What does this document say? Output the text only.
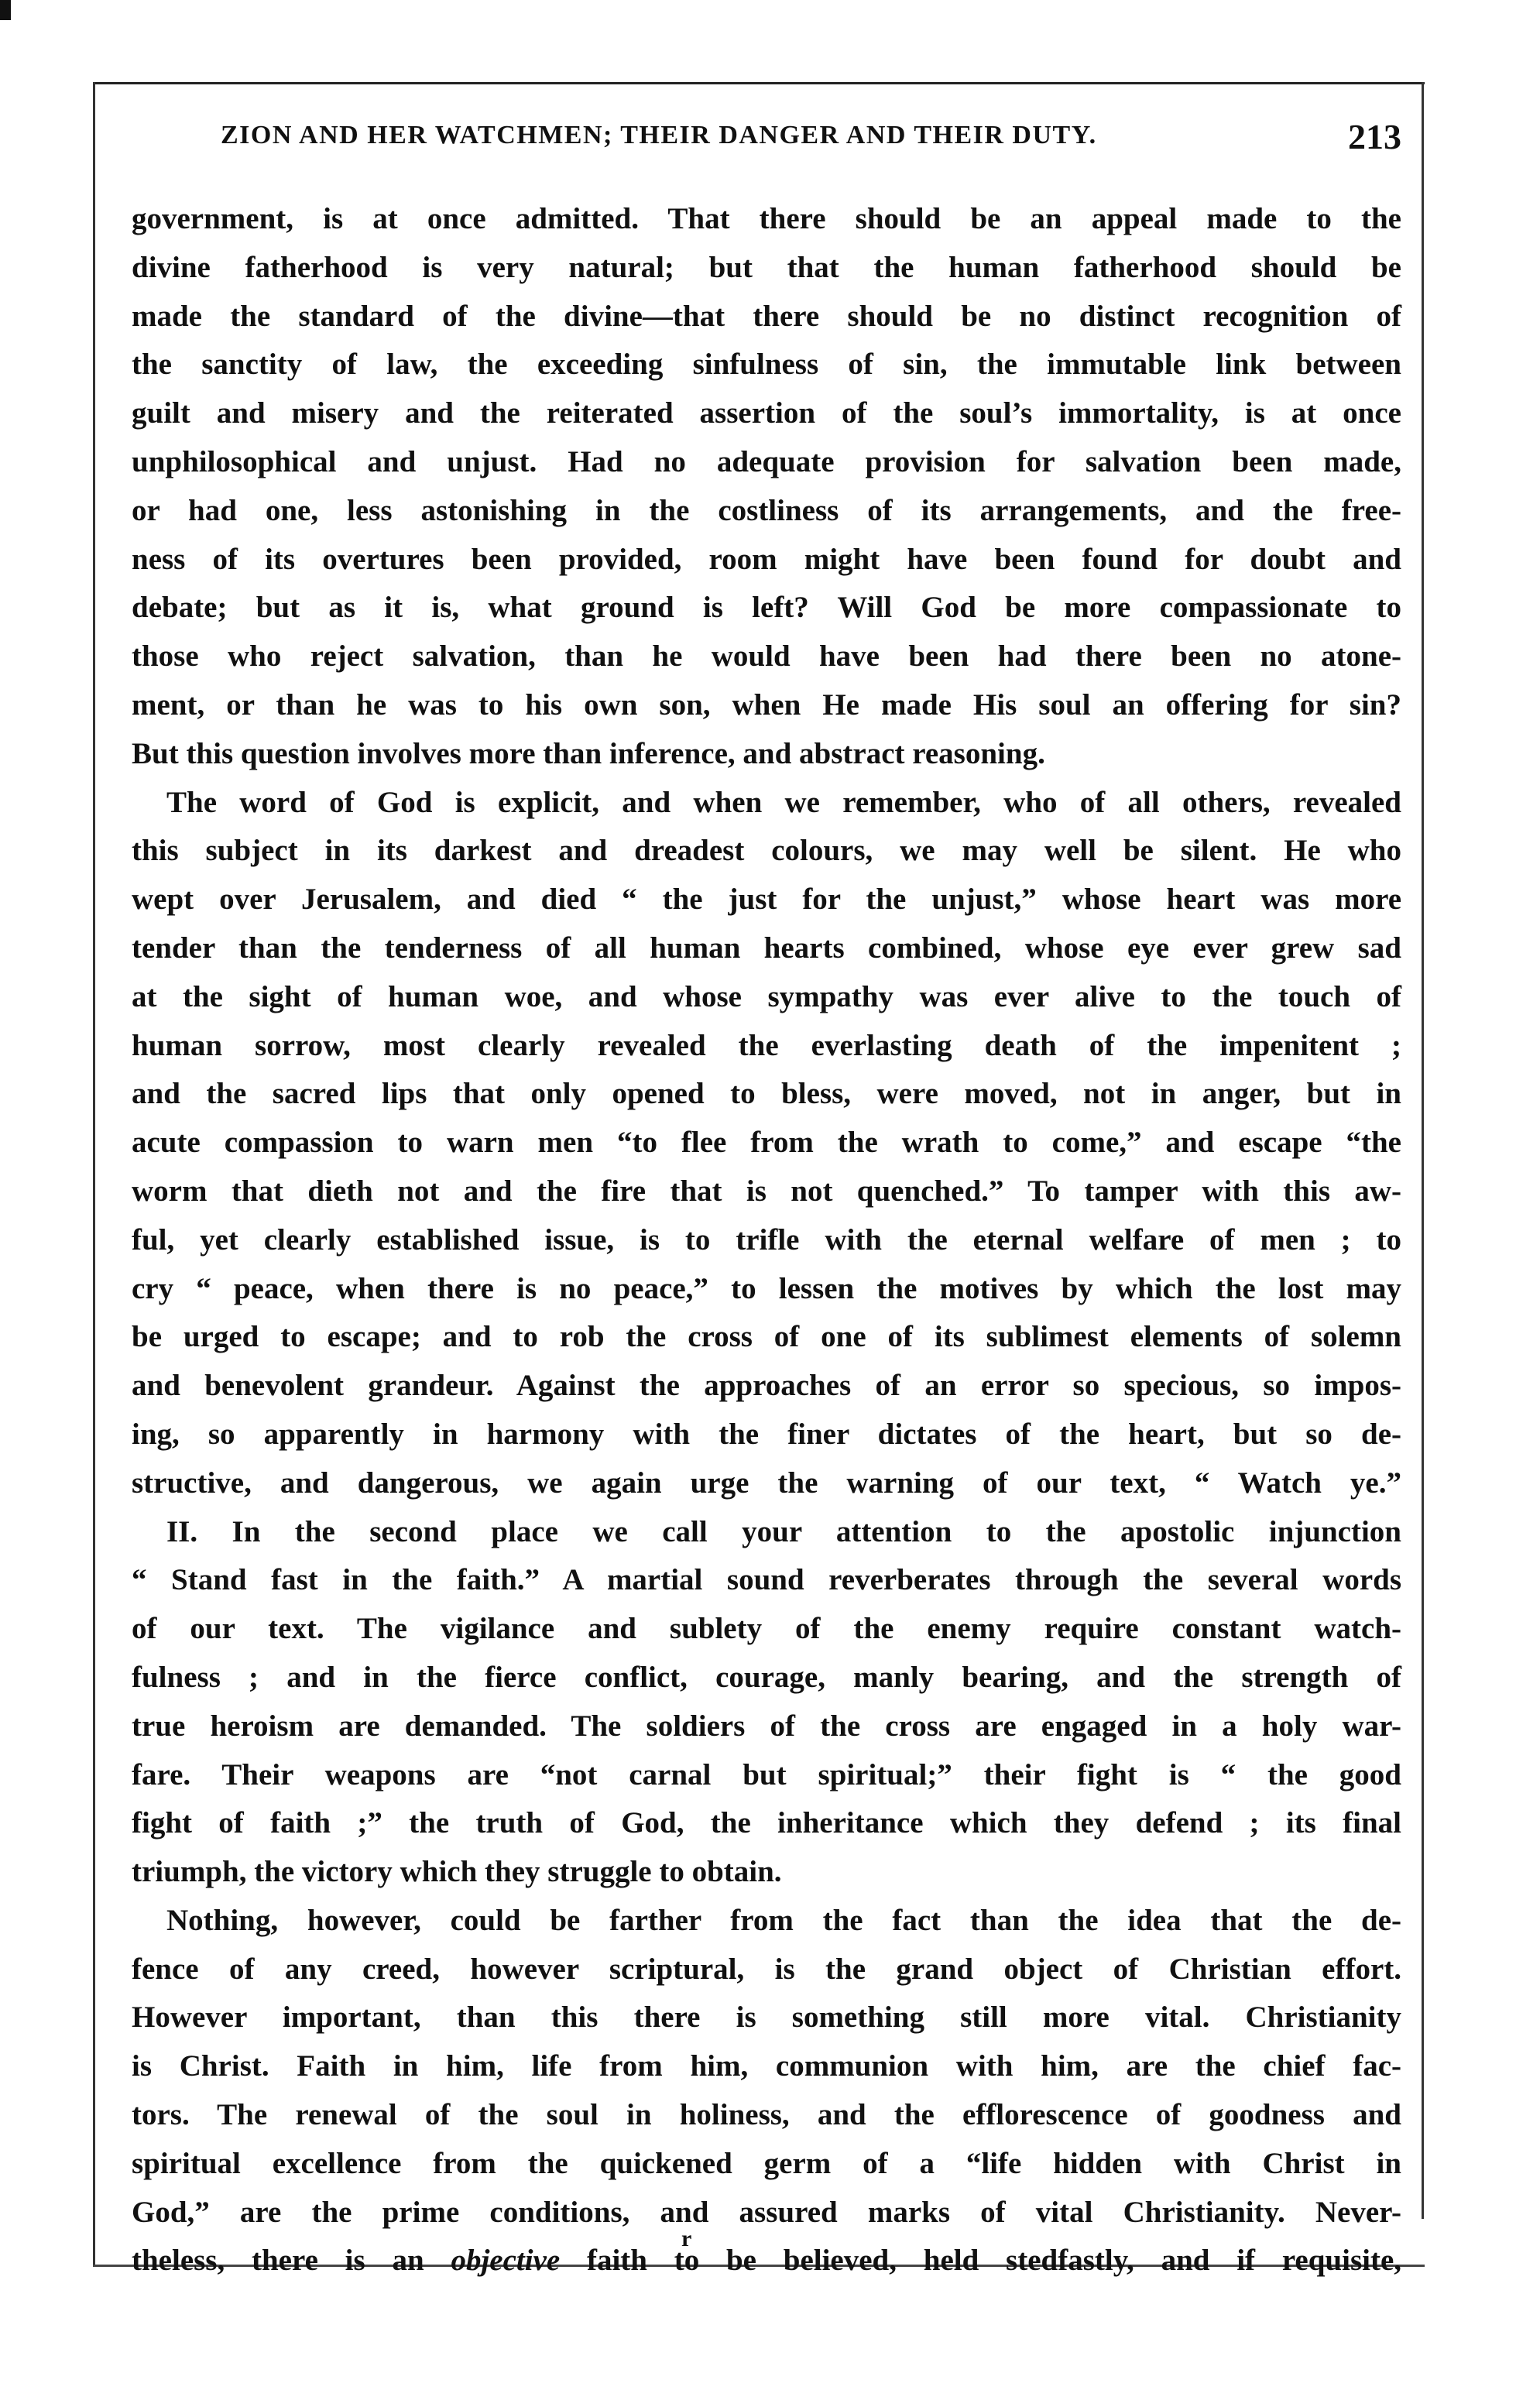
ZION AND HER WATCHMEN; THEIR DANGER AND THEIR DUTY.	213
government, is at once admitted. That there should be an appeal made to the
divine fatherhood is very natural; but that the human fatherhood should be
made the standard of the divine—that there should be no distinct recognition of
the sanctity of law, the exceeding sinfulness of sin, the immutable link between
guilt and misery and the reiterated assertion of the soul’s immortality, is at once
unphilosophical and unjust. Had no adequate provision for salvation been made,
or had one, less astonishing in the costliness of its arrangements, and the free-
ness of its overtures been provided, room might have been found for doubt and
debate; but as it is, what ground is left? Will God be more compassionate to
those who reject salvation, than he would have been had there been no atone-
ment, or than he was to his own son, when He made His soul an offering for sin?
But this question involves more than inference, and abstract reasoning.
The word of God is explicit, and when we remember, who of all others, revealed
this subject in its darkest and dreadest colours, we may well be silent. He who
wept over Jerusalem, and died “ the just for the unjust,” whose heart was more
tender than the tenderness of all human hearts combined, whose eye ever grew sad
at the sight of human woe, and whose sympathy was ever alive to the touch of
human sorrow, most clearly revealed the everlasting death of the impenitent ;
and the sacred lips that only opened to bless, were moved, not in anger, but in
acute compassion to warn men “to flee from the wrath to come,” and escape “the
worm that dieth not and the fire that is not quenched.” To tamper with this aw-
ful, yet clearly established issue, is to trifle with the eternal welfare of men ; to
cry “ peace, when there is no peace,” to lessen the motives by which the lost may
be urged to escape; and to rob the cross of one of its sublimest elements of solemn
and benevolent grandeur. Against the approaches of an error so specious, so impos-
ing, so apparently in harmony with the finer dictates of the heart, but so de-
structive, and dangerous, we again urge the warning of our text, “ Watch ye.”
II. In the second place we call your attention to the apostolic injunction
“ Stand fast in the faith.” A martial sound reverberates through the several words
of our text. The vigilance and sublety of the enemy require constant watch-
fulness ; and in the fierce conflict, courage, manly bearing, and the strength of
true heroism are demanded. The soldiers of the cross are engaged in a holy war-
fare. Their weapons are “not carnal but spiritual;” their fight is “ the good
fight of faith ;” the truth of God, the inheritance which they defend ; its final
triumph, the victory which they struggle to obtain.
Nothing, however, could be farther from the fact than the idea that the de-
fence of any creed, however scriptural, is the grand object of Christian effort.
However important, than this there is something still more vital. Christianity
is Christ. Faith in him, life from him, communion with him, are the chief fac-
tors. The renewal of the soul in holiness, and the efflorescence of goodness and
spiritual excellence from the quickened germ of a “life hidden with Christ in
God,” are the prime conditions, and assured marks of vital Christianity. Never-
theless, there is an objective faith to be believed, held stedfastly, and if requisite,
r
